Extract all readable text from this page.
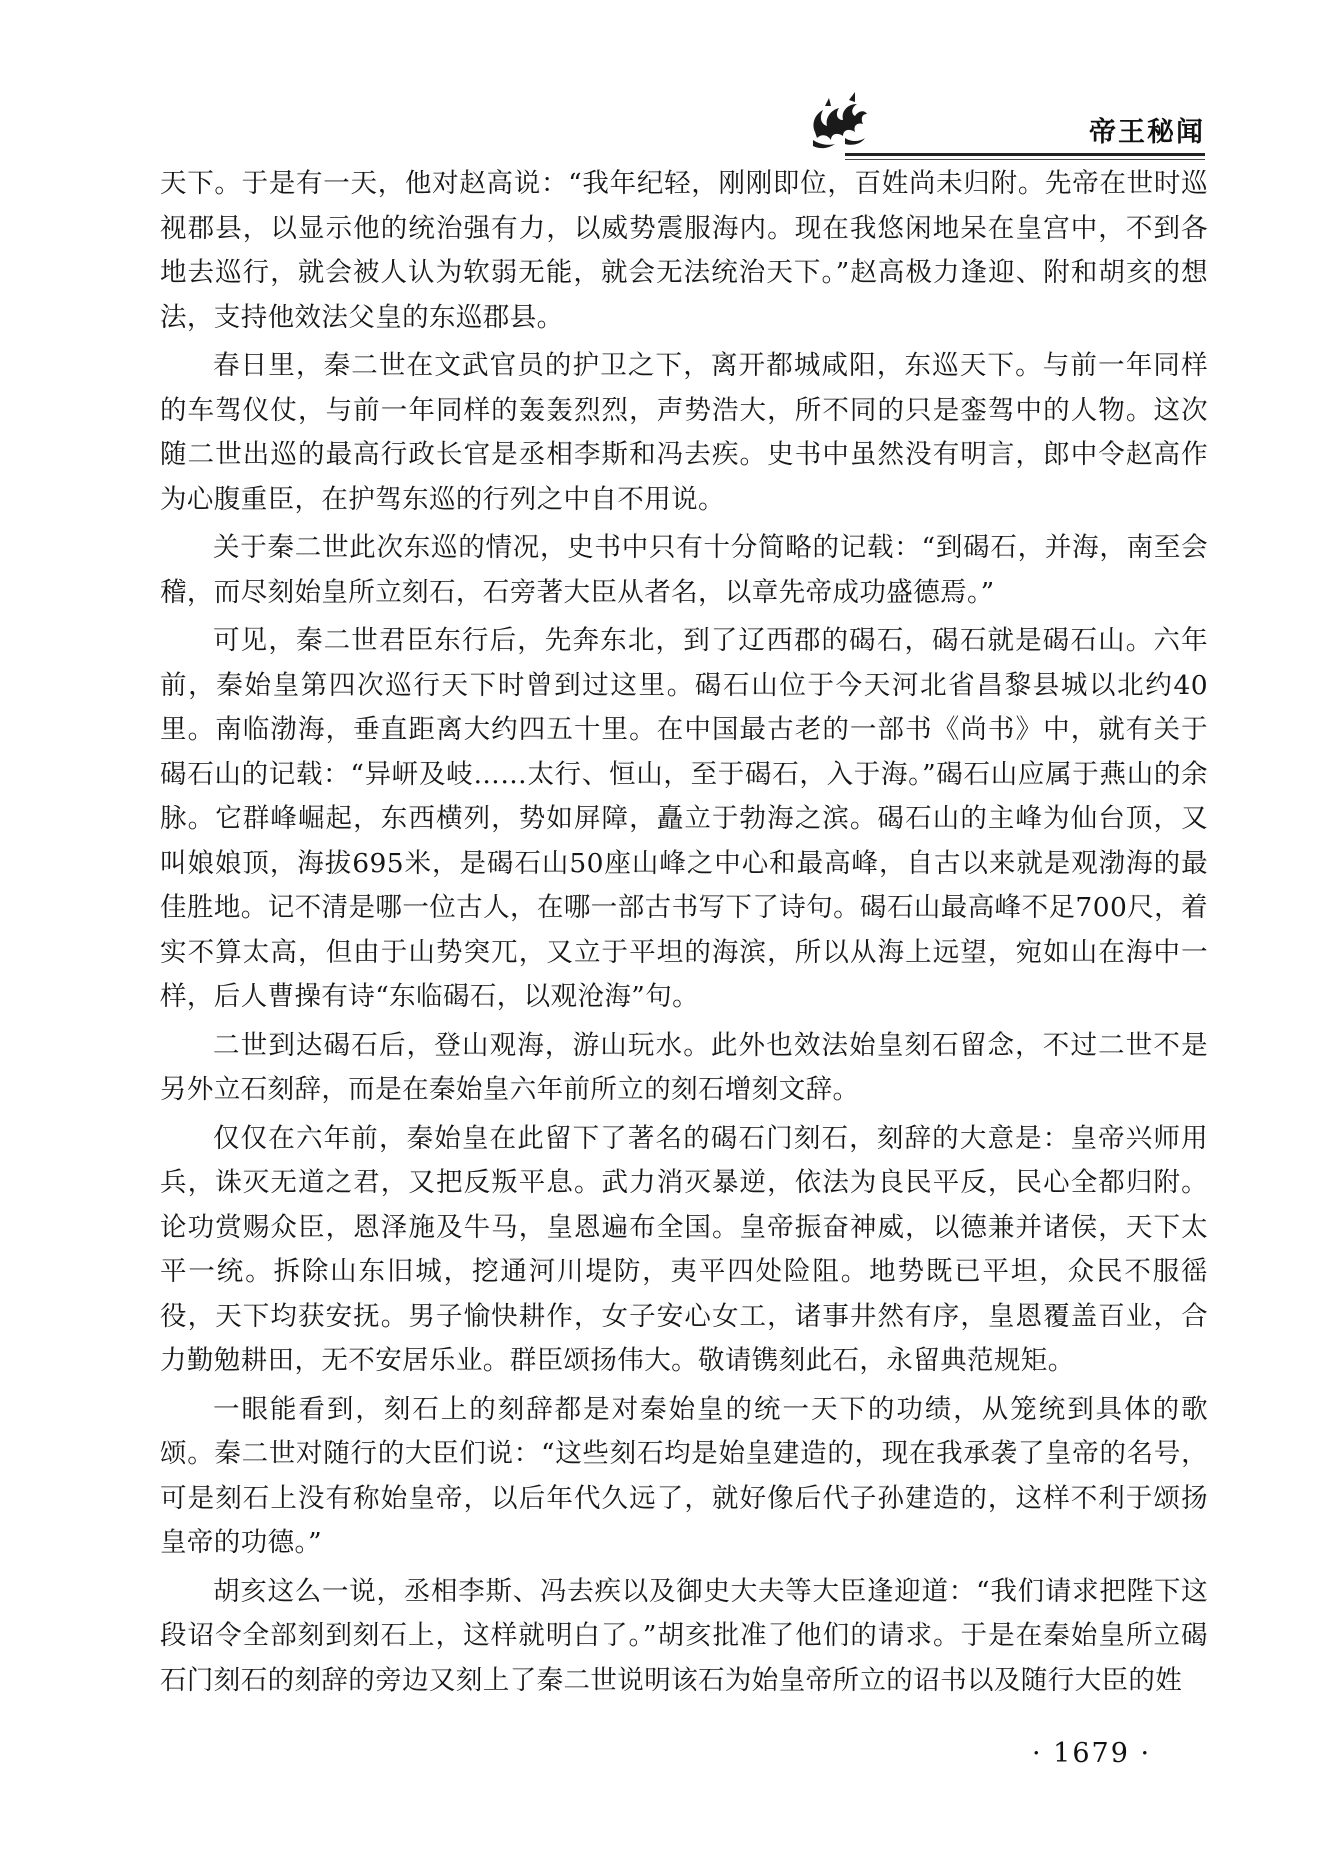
帝王秘闻

天下。于是有一天，他对赵高说：“我年纪轻，刚刚即位，百姓尚未归附。先帝在世时巡视郡县，以显示他的统治强有力，以威势震服海内。现在我悠闲地呆在皇宫中，不到各地去巡行，就会被人认为软弱无能，就会无法统治天下。”赵高极力逢迎、附和胡亥的想法，支持他效法父皇的东巡郡县。

春日里，秦二世在文武官员的护卫之下，离开都城咸阳，东巡天下。与前一年同样的车驾仪仗，与前一年同样的轰轰烈烈，声势浩大，所不同的只是銮驾中的人物。这次随二世出巡的最高行政长官是丞相李斯和冯去疾。史书中虽然没有明言，郎中令赵高作为心腹重臣，在护驾东巡的行列之中自不用说。

关于秦二世此次东巡的情况，史书中只有十分简略的记载：“到碣石，并海，南至会稽，而尽刻始皇所立刻石，石旁著大臣从者名，以章先帝成功盛德焉。”

可见，秦二世君臣东行后，先奔东北，到了辽西郡的碣石，碣石就是碣石山。六年前，秦始皇第四次巡行天下时曾到过这里。碣石山位于今天河北省昌黎县城以北约40里。南临渤海，垂直距离大约四五十里。在中国最古老的一部书《尚书》中，就有关于碣石山的记载：“异岍及岐……太行、恒山，至于碣石，入于海。”碣石山应属于燕山的余脉。它群峰崛起，东西横列，势如屏障，矗立于勃海之滨。碣石山的主峰为仙台顶，又叫娘娘顶，海拔695米，是碣石山50座山峰之中心和最高峰，自古以来就是观渤海的最佳胜地。记不清是哪一位古人，在哪一部古书写下了诗句。碣石山最高峰不足700尺，着实不算太高，但由于山势突兀，又立于平坦的海滨，所以从海上远望，宛如山在海中一样，后人曹操有诗“东临碣石，以观沧海”句。

二世到达碣石后，登山观海，游山玩水。此外也效法始皇刻石留念，不过二世不是另外立石刻辞，而是在秦始皇六年前所立的刻石增刻文辞。

仅仅在六年前，秦始皇在此留下了著名的碣石门刻石，刻辞的大意是：皇帝兴师用兵，诛灭无道之君，又把反叛平息。武力消灭暴逆，依法为良民平反，民心全都归附。论功赏赐众臣，恩泽施及牛马，皇恩遍布全国。皇帝振奋神威，以德兼并诸侯，天下太平一统。拆除山东旧城，挖通河川堤防，夷平四处险阻。地势既已平坦，众民不服徭役，天下均获安抚。男子愉快耕作，女子安心女工，诸事井然有序，皇恩覆盖百业，合力勤勉耕田，无不安居乐业。群臣颂扬伟大。敬请镌刻此石，永留典范规矩。

一眼能看到，刻石上的刻辞都是对秦始皇的统一天下的功绩，从笼统到具体的歌颂。秦二世对随行的大臣们说：“这些刻石均是始皇建造的，现在我承袭了皇帝的名号，可是刻石上没有称始皇帝，以后年代久远了，就好像后代子孙建造的，这样不利于颂扬皇帝的功德。”

胡亥这么一说，丞相李斯、冯去疾以及御史大夫等大臣逢迎道：“我们请求把陛下这段诏令全部刻到刻石上，这样就明白了。”胡亥批准了他们的请求。于是在秦始皇所立碣石门刻石的刻辞的旁边又刻上了秦二世说明该石为始皇帝所立的诏书以及随行大臣的姓

· 1679 ·
